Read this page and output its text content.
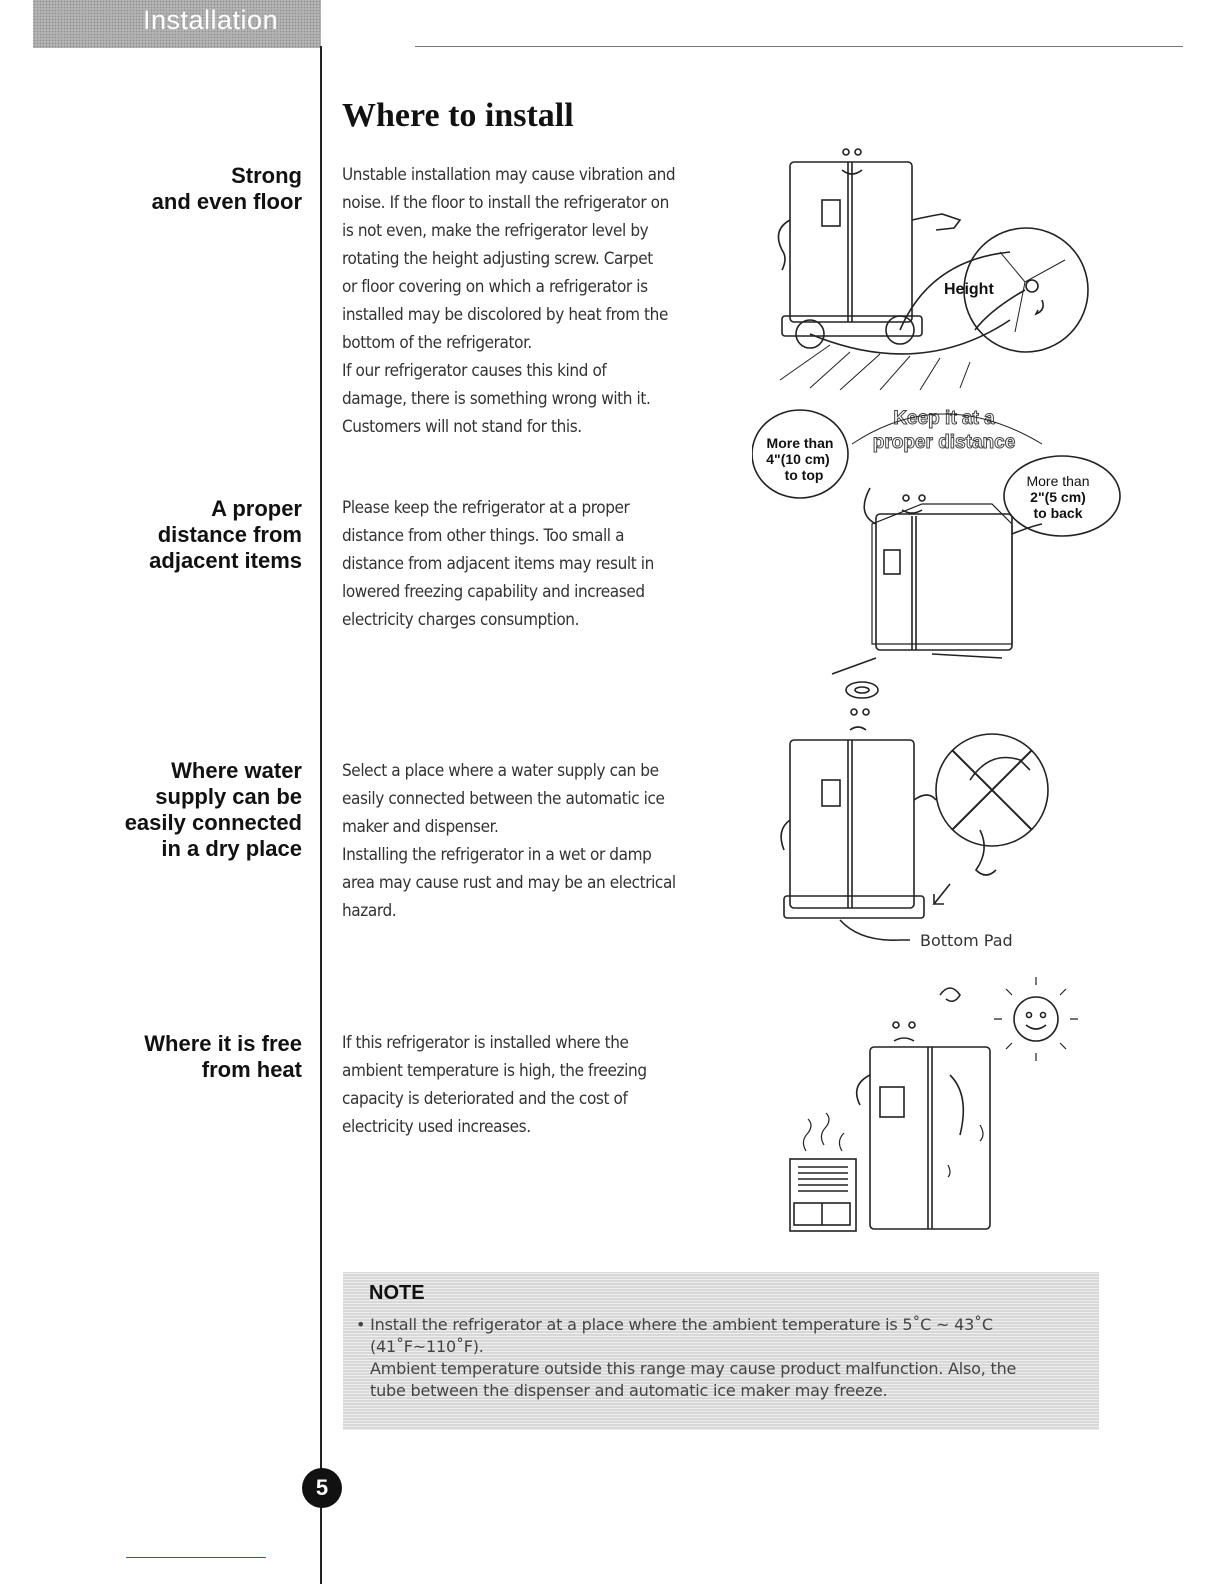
Installation
Where to install
Strong
and even floor
Unstable installation may cause vibration and
noise. If the floor to install the refrigerator on
is not even, make the refrigerator level by
rotating the height adjusting screw. Carpet
or floor covering on which a refrigerator is
installed may be discolored by heat from the
bottom of the refrigerator.
If our refrigerator causes this kind of
damage, there is something wrong with it.
Customers will not stand for this.
A proper
distance from
adjacent items
Please keep the refrigerator at a proper
distance from other things. Too small a
distance from adjacent items may result in
lowered freezing capability and increased
electricity charges consumption.
Where water
supply can be
easily connected
in a dry place
Select a place where a water supply can be
easily connected between the automatic ice
maker and dispenser.
Installing the refrigerator in a wet or damp
area may cause rust and may be an electrical
hazard.
Where it is free
from heat
If this refrigerator is installed where the
ambient temperature is high, the freezing
capacity is deteriorated and the cost of
electricity used increases.
Height
More than
4"(10 cm)
to top
Keep it at a
proper distance
More than
2"(5 cm)
to back
Bottom Pad
NOTE
• Install the refrigerator at a place where the ambient temperature is 5˚C ~ 43˚C
(41˚F~110˚F).
Ambient temperature outside this range may cause product malfunction. Also, the
tube between the dispenser and automatic ice maker may freeze.
5
